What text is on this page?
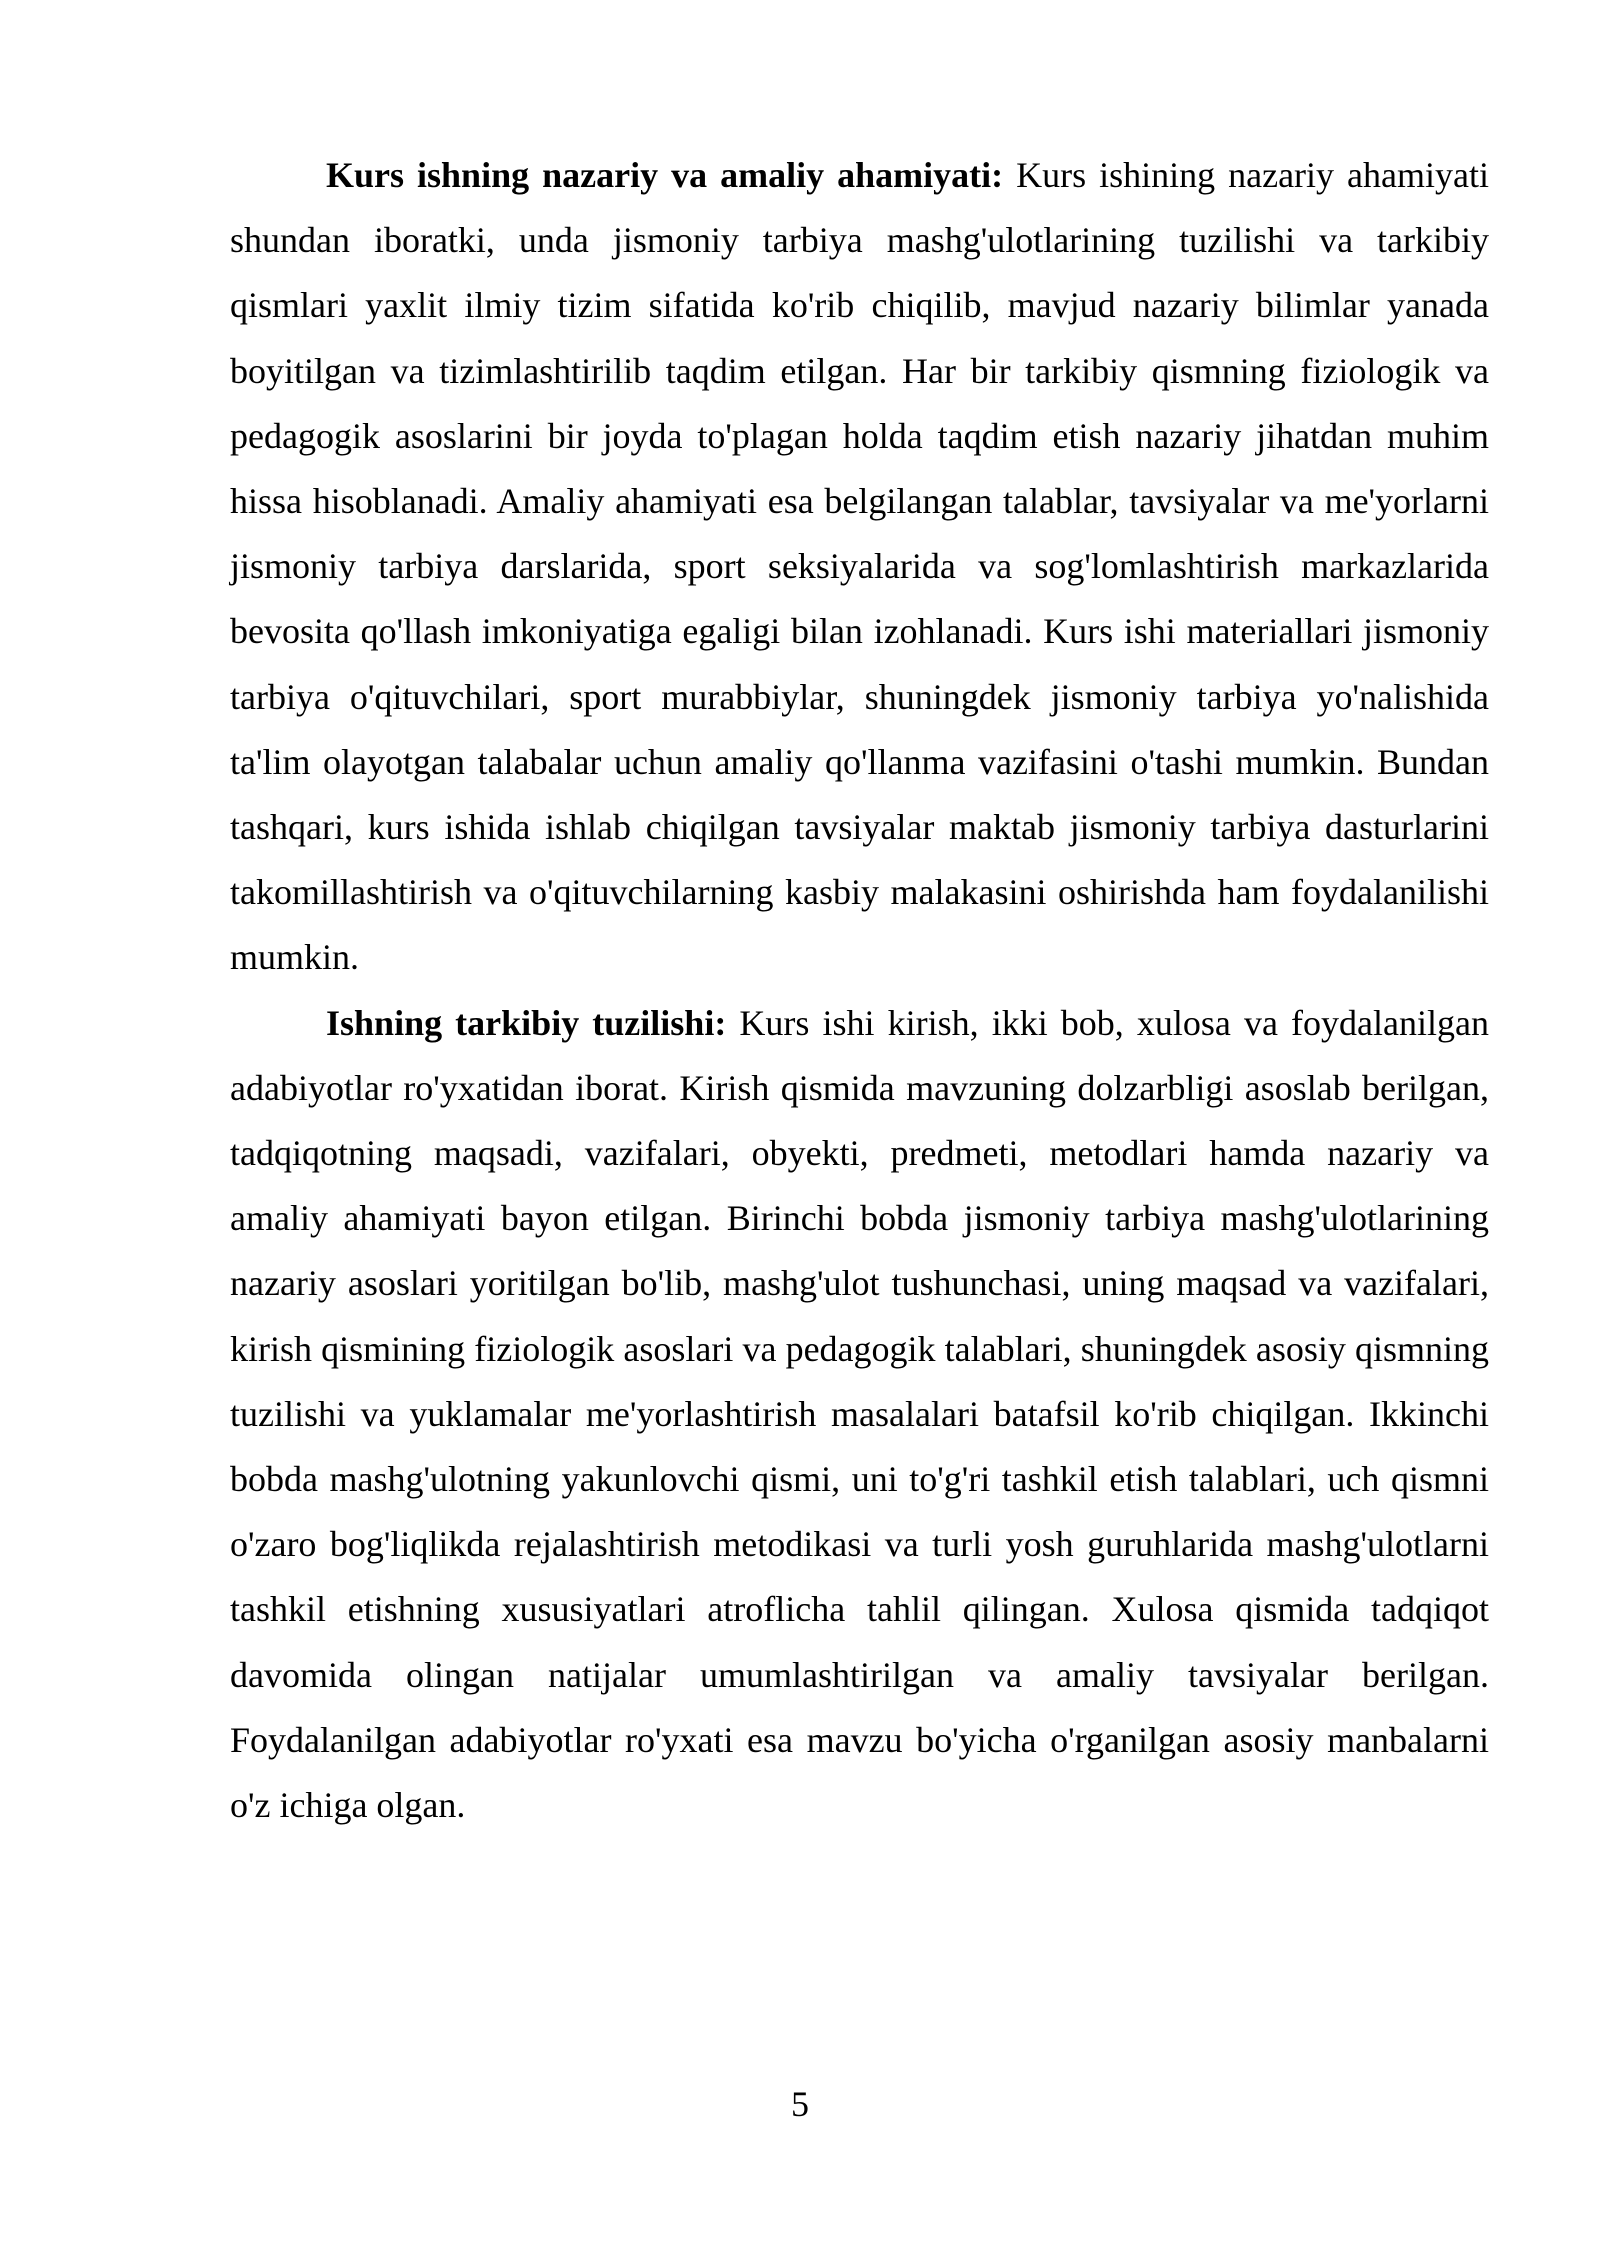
Kurs ishning nazariy va amaliy ahamiyati: Kurs ishining nazariy ahamiyati shundan iboratki, unda jismoniy tarbiya mashg'ulotlarining tuzilishi va tarkibiy qismlari yaxlit ilmiy tizim sifatida ko'rib chiqilib, mavjud nazariy bilimlar yanada boyitilgan va tizimlashtirilib taqdim etilgan. Har bir tarkibiy qismning fiziologik va pedagogik asoslarini bir joyda to'plagan holda taqdim etish nazariy jihatdan muhim hissa hisoblanadi. Amaliy ahamiyati esa belgilangan talablar, tavsiyalar va me'yorlarni jismoniy tarbiya darslarida, sport seksiyalarida va sog'lomlashtirish markazlarida bevosita qo'llash imkoniyatiga egaligi bilan izohlanadi. Kurs ishi materiallari jismoniy tarbiya o'qituvchilari, sport murabbiylar, shuningdek jismoniy tarbiya yo'nalishida ta'lim olayotgan talabalar uchun amaliy qo'llanma vazifasini o'tashi mumkin. Bundan tashqari, kurs ishida ishlab chiqilgan tavsiyalar maktab jismoniy tarbiya dasturlarini takomillashtirish va o'qituvchilarning kasbiy malakasini oshirishda ham foydalanilishi mumkin.

Ishning tarkibiy tuzilishi: Kurs ishi kirish, ikki bob, xulosa va foydalanilgan adabiyotlar ro'yxatidan iborat. Kirish qismida mavzuning dolzarbligi asoslab berilgan, tadqiqotning maqsadi, vazifalari, obyekti, predmeti, metodlari hamda nazariy va amaliy ahamiyati bayon etilgan. Birinchi bobda jismoniy tarbiya mashg'ulotlarining nazariy asoslari yoritilgan bo'lib, mashg'ulot tushunchasi, uning maqsad va vazifalari, kirish qismining fiziologik asoslari va pedagogik talablari, shuningdek asosiy qismning tuzilishi va yuklamalar me'yorlashtirish masalalari batafsil ko'rib chiqilgan. Ikkinchi bobda mashg'ulotning yakunlovchi qismi, uni to'g'ri tashkil etish talablari, uch qismni o'zaro bog'liqlikda rejalashtirish metodikasi va turli yosh guruhlarida mashg'ulotlarni tashkil etishning xususiyatlari atroflicha tahlil qilingan. Xulosa qismida tadqiqot davomida olingan natijalar umumlashtirilgan va amaliy tavsiyalar berilgan. Foydalanilgan adabiyotlar ro'yxati esa mavzu bo'yicha o'rganilgan asosiy manbalarni o'z ichiga olgan.

5
